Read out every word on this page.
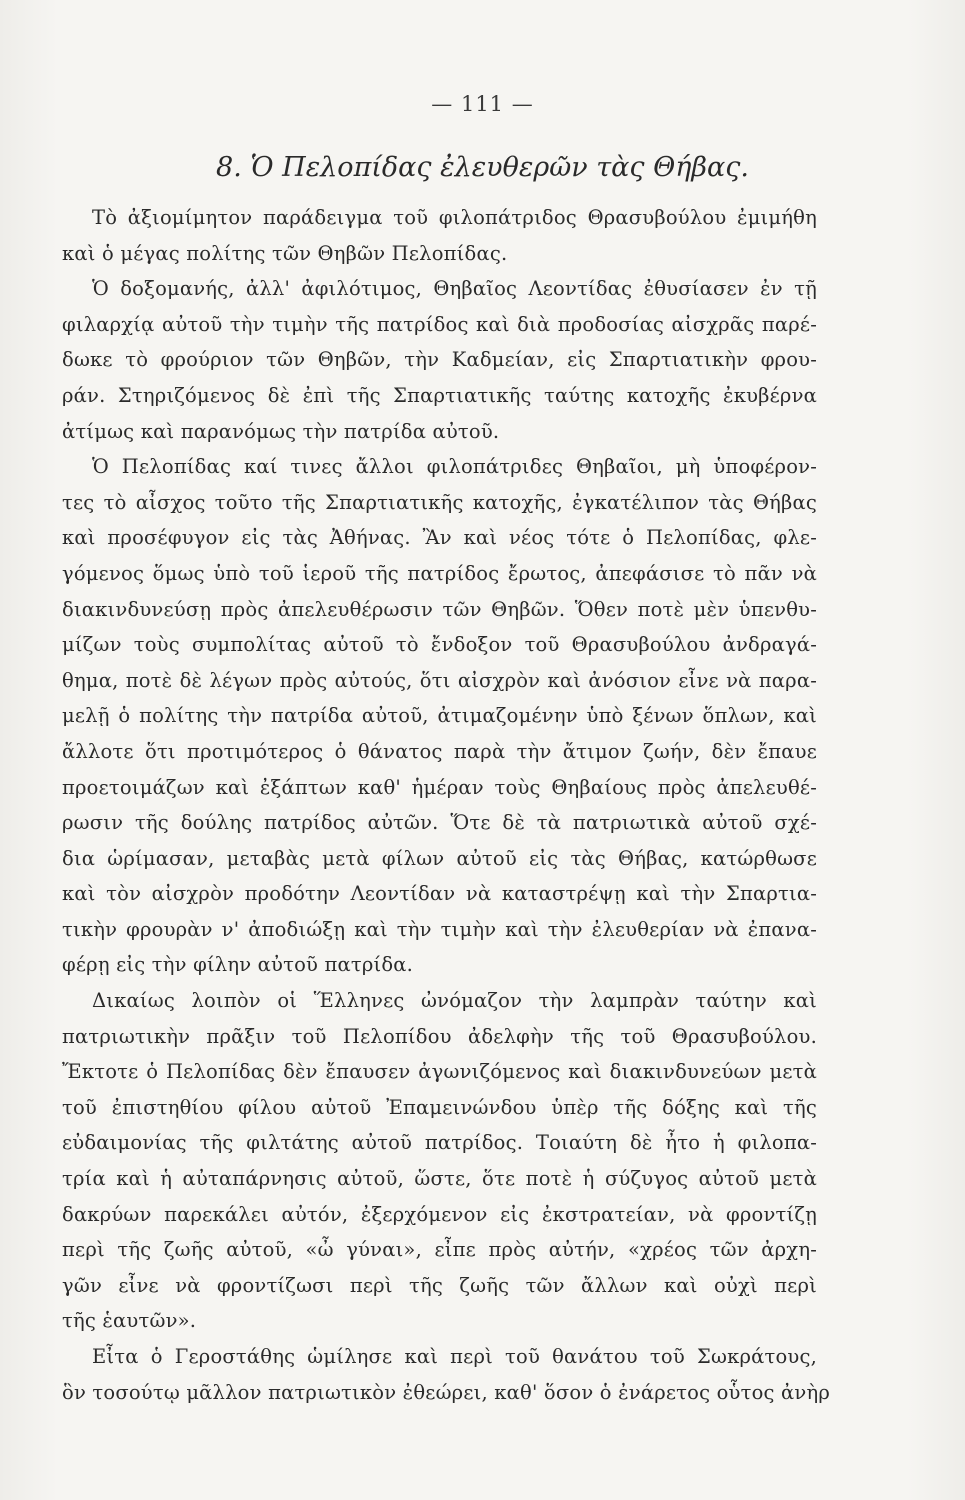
— 111 —
8. Ὁ Πελοπίδας ἐλευθερῶν τὰς Θήβας.
Τὸ ἀξιομίμητον παράδειγμα τοῦ φιλοπάτριδος Θρασυβούλου ἐμιμήθη
καὶ ὁ μέγας πολίτης τῶν Θηβῶν Πελοπίδας.
Ὁ δοξομανής, ἀλλ' ἀφιλότιμος, Θηβαῖος Λεοντίδας ἐθυσίασεν ἐν τῇ
φιλαρχίᾳ αὐτοῦ τὴν τιμὴν τῆς πατρίδος καὶ διὰ προδοσίας αἰσχρᾶς παρέ-
δωκε τὸ φρούριον τῶν Θηβῶν, τὴν Καδμείαν, εἰς Σπαρτιατικὴν φρου-
ράν. Στηριζόμενος δὲ ἐπὶ τῆς Σπαρτιατικῆς ταύτης κατοχῆς ἐκυβέρνα
ἀτίμως καὶ παρανόμως τὴν πατρίδα αὐτοῦ.
Ὁ Πελοπίδας καί τινες ἄλλοι φιλοπάτριδες Θηβαῖοι, μὴ ὑποφέρον-
τες τὸ αἶσχος τοῦτο τῆς Σπαρτιατικῆς κατοχῆς, ἐγκατέλιπον τὰς Θήβας
καὶ προσέφυγον εἰς τὰς Ἀθήνας. Ἂν καὶ νέος τότε ὁ Πελοπίδας, φλε-
γόμενος ὅμως ὑπὸ τοῦ ἱεροῦ τῆς πατρίδος ἔρωτος, ἀπεφάσισε τὸ πᾶν νὰ
διακινδυνεύσῃ πρὸς ἀπελευθέρωσιν τῶν Θηβῶν. Ὅθεν ποτὲ μὲν ὑπενθυ-
μίζων τοὺς συμπολίτας αὐτοῦ τὸ ἔνδοξον τοῦ Θρασυβούλου ἀνδραγά-
θημα, ποτὲ δὲ λέγων πρὸς αὐτούς, ὅτι αἰσχρὸν καὶ ἀνόσιον εἶνε νὰ παρα-
μελῇ ὁ πολίτης τὴν πατρίδα αὐτοῦ, ἀτιμαζομένην ὑπὸ ξένων ὅπλων, καὶ
ἄλλοτε ὅτι προτιμότερος ὁ θάνατος παρὰ τὴν ἄτιμον ζωήν, δὲν ἔπαυε
προετοιμάζων καὶ ἐξάπτων καθ' ἡμέραν τοὺς Θηβαίους πρὸς ἀπελευθέ-
ρωσιν τῆς δούλης πατρίδος αὐτῶν. Ὅτε δὲ τὰ πατριωτικὰ αὐτοῦ σχέ-
δια ὡρίμασαν, μεταβὰς μετὰ φίλων αὐτοῦ εἰς τὰς Θήβας, κατώρθωσε
καὶ τὸν αἰσχρὸν προδότην Λεοντίδαν νὰ καταστρέψῃ καὶ τὴν Σπαρτια-
τικὴν φρουρὰν ν' ἀποδιώξῃ καὶ τὴν τιμὴν καὶ τὴν ἐλευθερίαν νὰ ἐπανα-
φέρῃ εἰς τὴν φίλην αὐτοῦ πατρίδα.
Δικαίως λοιπὸν οἱ Ἕλληνες ὠνόμαζον τὴν λαμπρὰν ταύτην καὶ
πατριωτικὴν πρᾶξιν τοῦ Πελοπίδου ἀδελφὴν τῆς τοῦ Θρασυβούλου.
Ἔκτοτε ὁ Πελοπίδας δὲν ἔπαυσεν ἀγωνιζόμενος καὶ διακινδυνεύων μετὰ
τοῦ ἐπιστηθίου φίλου αὐτοῦ Ἐπαμεινώνδου ὑπὲρ τῆς δόξης καὶ τῆς
εὐδαιμονίας τῆς φιλτάτης αὐτοῦ πατρίδος. Τοιαύτη δὲ ἦτο ἡ φιλοπα-
τρία καὶ ἡ αὐταπάρνησις αὐτοῦ, ὥστε, ὅτε ποτὲ ἡ σύζυγος αὐτοῦ μετὰ
δακρύων παρεκάλει αὐτόν, ἐξερχόμενον εἰς ἐκστρατείαν, νὰ φροντίζῃ
περὶ τῆς ζωῆς αὐτοῦ, «ὦ γύναι», εἶπε πρὸς αὐτήν, «χρέος τῶν ἀρχη-
γῶν εἶνε νὰ φροντίζωσι περὶ τῆς ζωῆς τῶν ἄλλων καὶ οὐχὶ περὶ
τῆς ἑαυτῶν».
Εἶτα ὁ Γεροστάθης ὡμίλησε καὶ περὶ τοῦ θανάτου τοῦ Σωκράτους,
ὃν τοσούτῳ μᾶλλον πατριωτικὸν ἐθεώρει, καθ' ὅσον ὁ ἐνάρετος οὗτος ἀνὴρ
